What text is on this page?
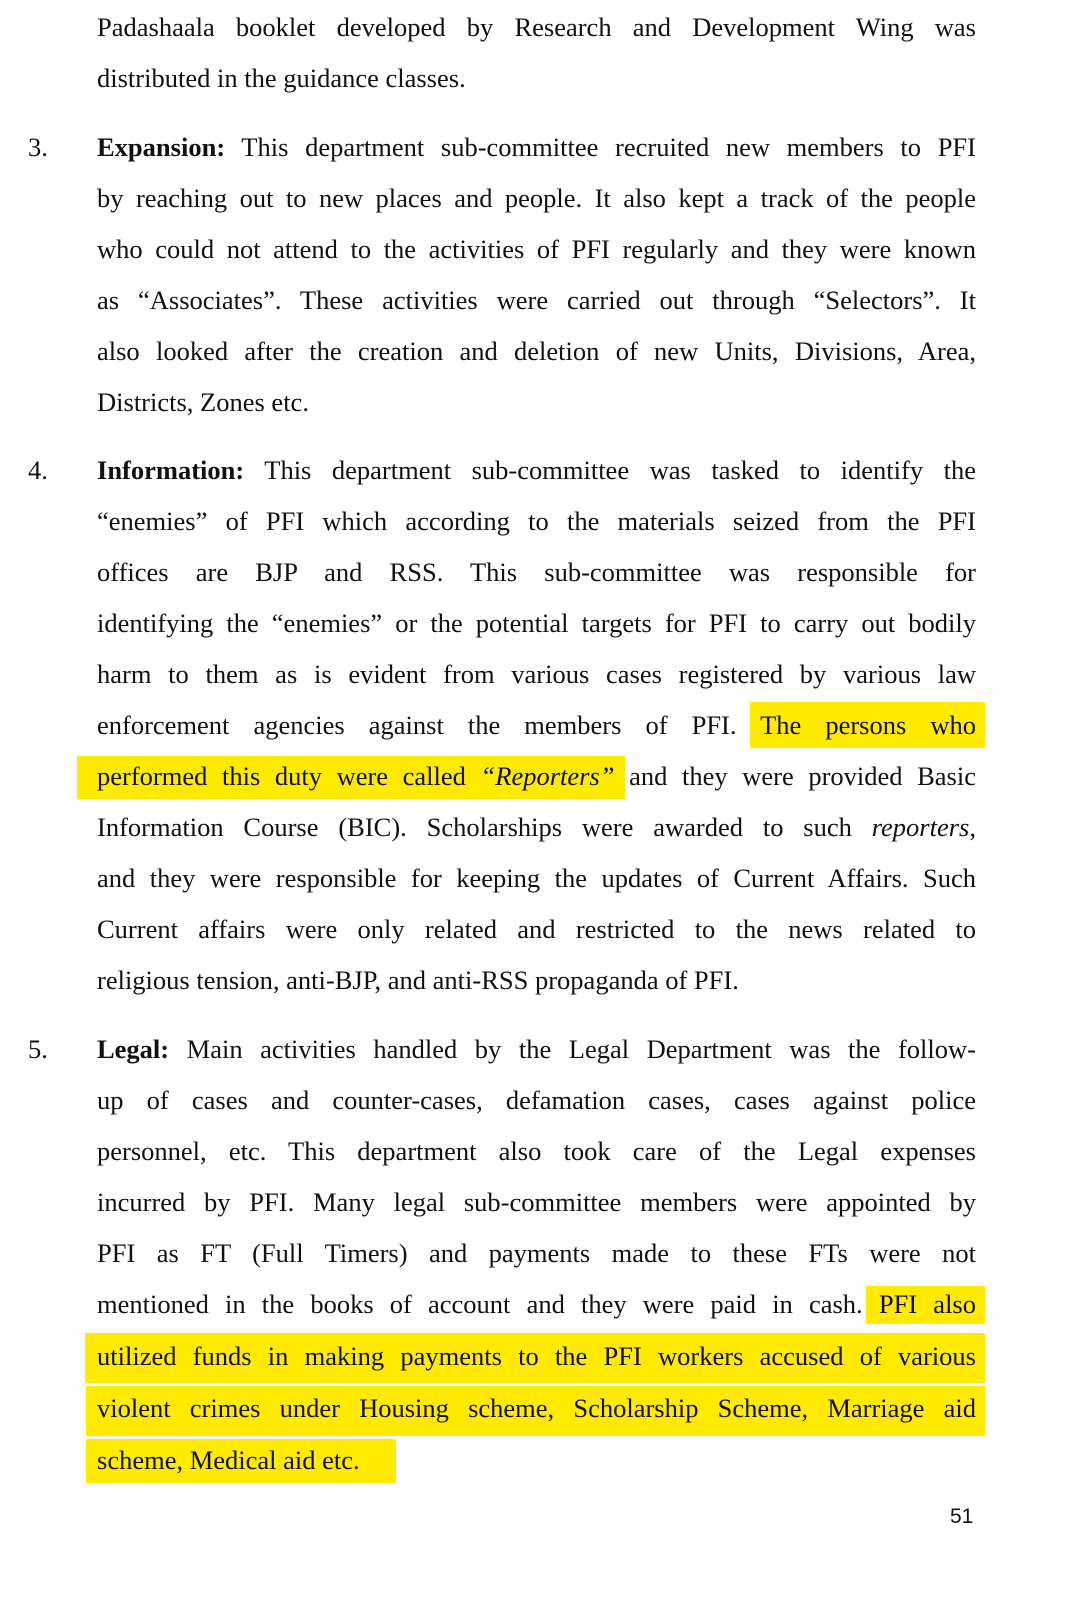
Padashaala booklet developed by Research and Development Wing was
distributed in the guidance classes.
3. Expansion: This department sub-committee recruited new members to PFI
by reaching out to new places and people. It also kept a track of the people
who could not attend to the activities of PFI regularly and they were known
as “Associates”. These activities were carried out through “Selectors”. It
also looked after the creation and deletion of new Units, Divisions, Area,
Districts, Zones etc.
4. Information: This department sub-committee was tasked to identify the
“enemies” of PFI which according to the materials seized from the PFI
offices are BJP and RSS. This sub-committee was responsible for
identifying the “enemies” or the potential targets for PFI to carry out bodily
harm to them as is evident from various cases registered by various law
enforcement agencies against the members of PFI. The persons who
performed this duty were called “Reporters” and they were provided Basic
Information Course (BIC). Scholarships were awarded to such reporters,
and they were responsible for keeping the updates of Current Affairs. Such
Current affairs were only related and restricted to the news related to
religious tension, anti-BJP, and anti-RSS propaganda of PFI.
5. Legal: Main activities handled by the Legal Department was the follow-
up of cases and counter-cases, defamation cases, cases against police
personnel, etc. This department also took care of the Legal expenses
incurred by PFI. Many legal sub-committee members were appointed by
PFI as FT (Full Timers) and payments made to these FTs were not
mentioned in the books of account and they were paid in cash. PFI also
utilized funds in making payments to the PFI workers accused of various
violent crimes under Housing scheme, Scholarship Scheme, Marriage aid
scheme, Medical aid etc.
51
